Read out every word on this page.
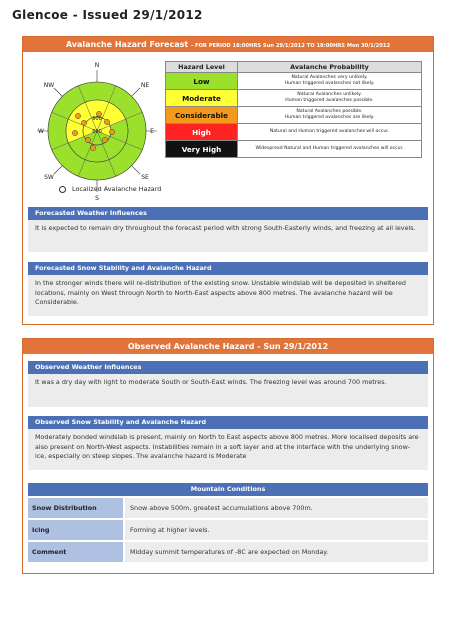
Glencoe - Issued 29/1/2012
Avalanche Hazard Forecast - FOR PERIOD 18:00HRS Sun 29/1/2012 TO 18:00HRS Mon 30/1/2012
900
600
N
NE
E
SE
S
SW
W
NW
Localized Avalanche Hazard
Hazard Level	Avalanche Probability
Low	Natural Avalanches very unlikely.
Human triggered avalanches not likely.

Moderate	Natural Avalanches unlikely.
Human triggered avalanches possible.

Considerable	Natural Avalanches possible.
Human triggered avalanches are likely.

High	Natural and Human triggered avalanches will occur.
Very High	Widespread Natural and Human triggered avalanches will occur.
Forecasted Weather Influences
It is expected to remain dry throughout the forecast period with strong South-Easterly winds, and freezing at all levels.
Forecasted Snow Stability and Avalanche Hazard
In the stronger winds there will re-distribution of the existing snow. Unstable windslab will be deposited in sheltered locations, mainly on West through North to North-East aspects above 800 metres. The avalanche hazard will be Considerable.
Observed Avalanche Hazard - Sun 29/1/2012
Observed Weather Influences
It was a dry day with light to moderate South or South-East winds. The freezing level was around 700 metres.
Observed Snow Stability and Avalanche Hazard
Moderately bonded windslab is present, mainly on North to East aspects above 800 metres. More localised deposits are also present on North-West aspects. Instabilities remain in a soft layer and at the interface with the underlying snow-ice, especially on steep slopes. The avalanche hazard is Moderate
Mountain Conditions
Snow Distribution	Snow above 500m, greatest accumulations above 700m.
Icing	Forming at higher levels.
Comment	Midday summit temperatures of -8C are expected on Monday.
